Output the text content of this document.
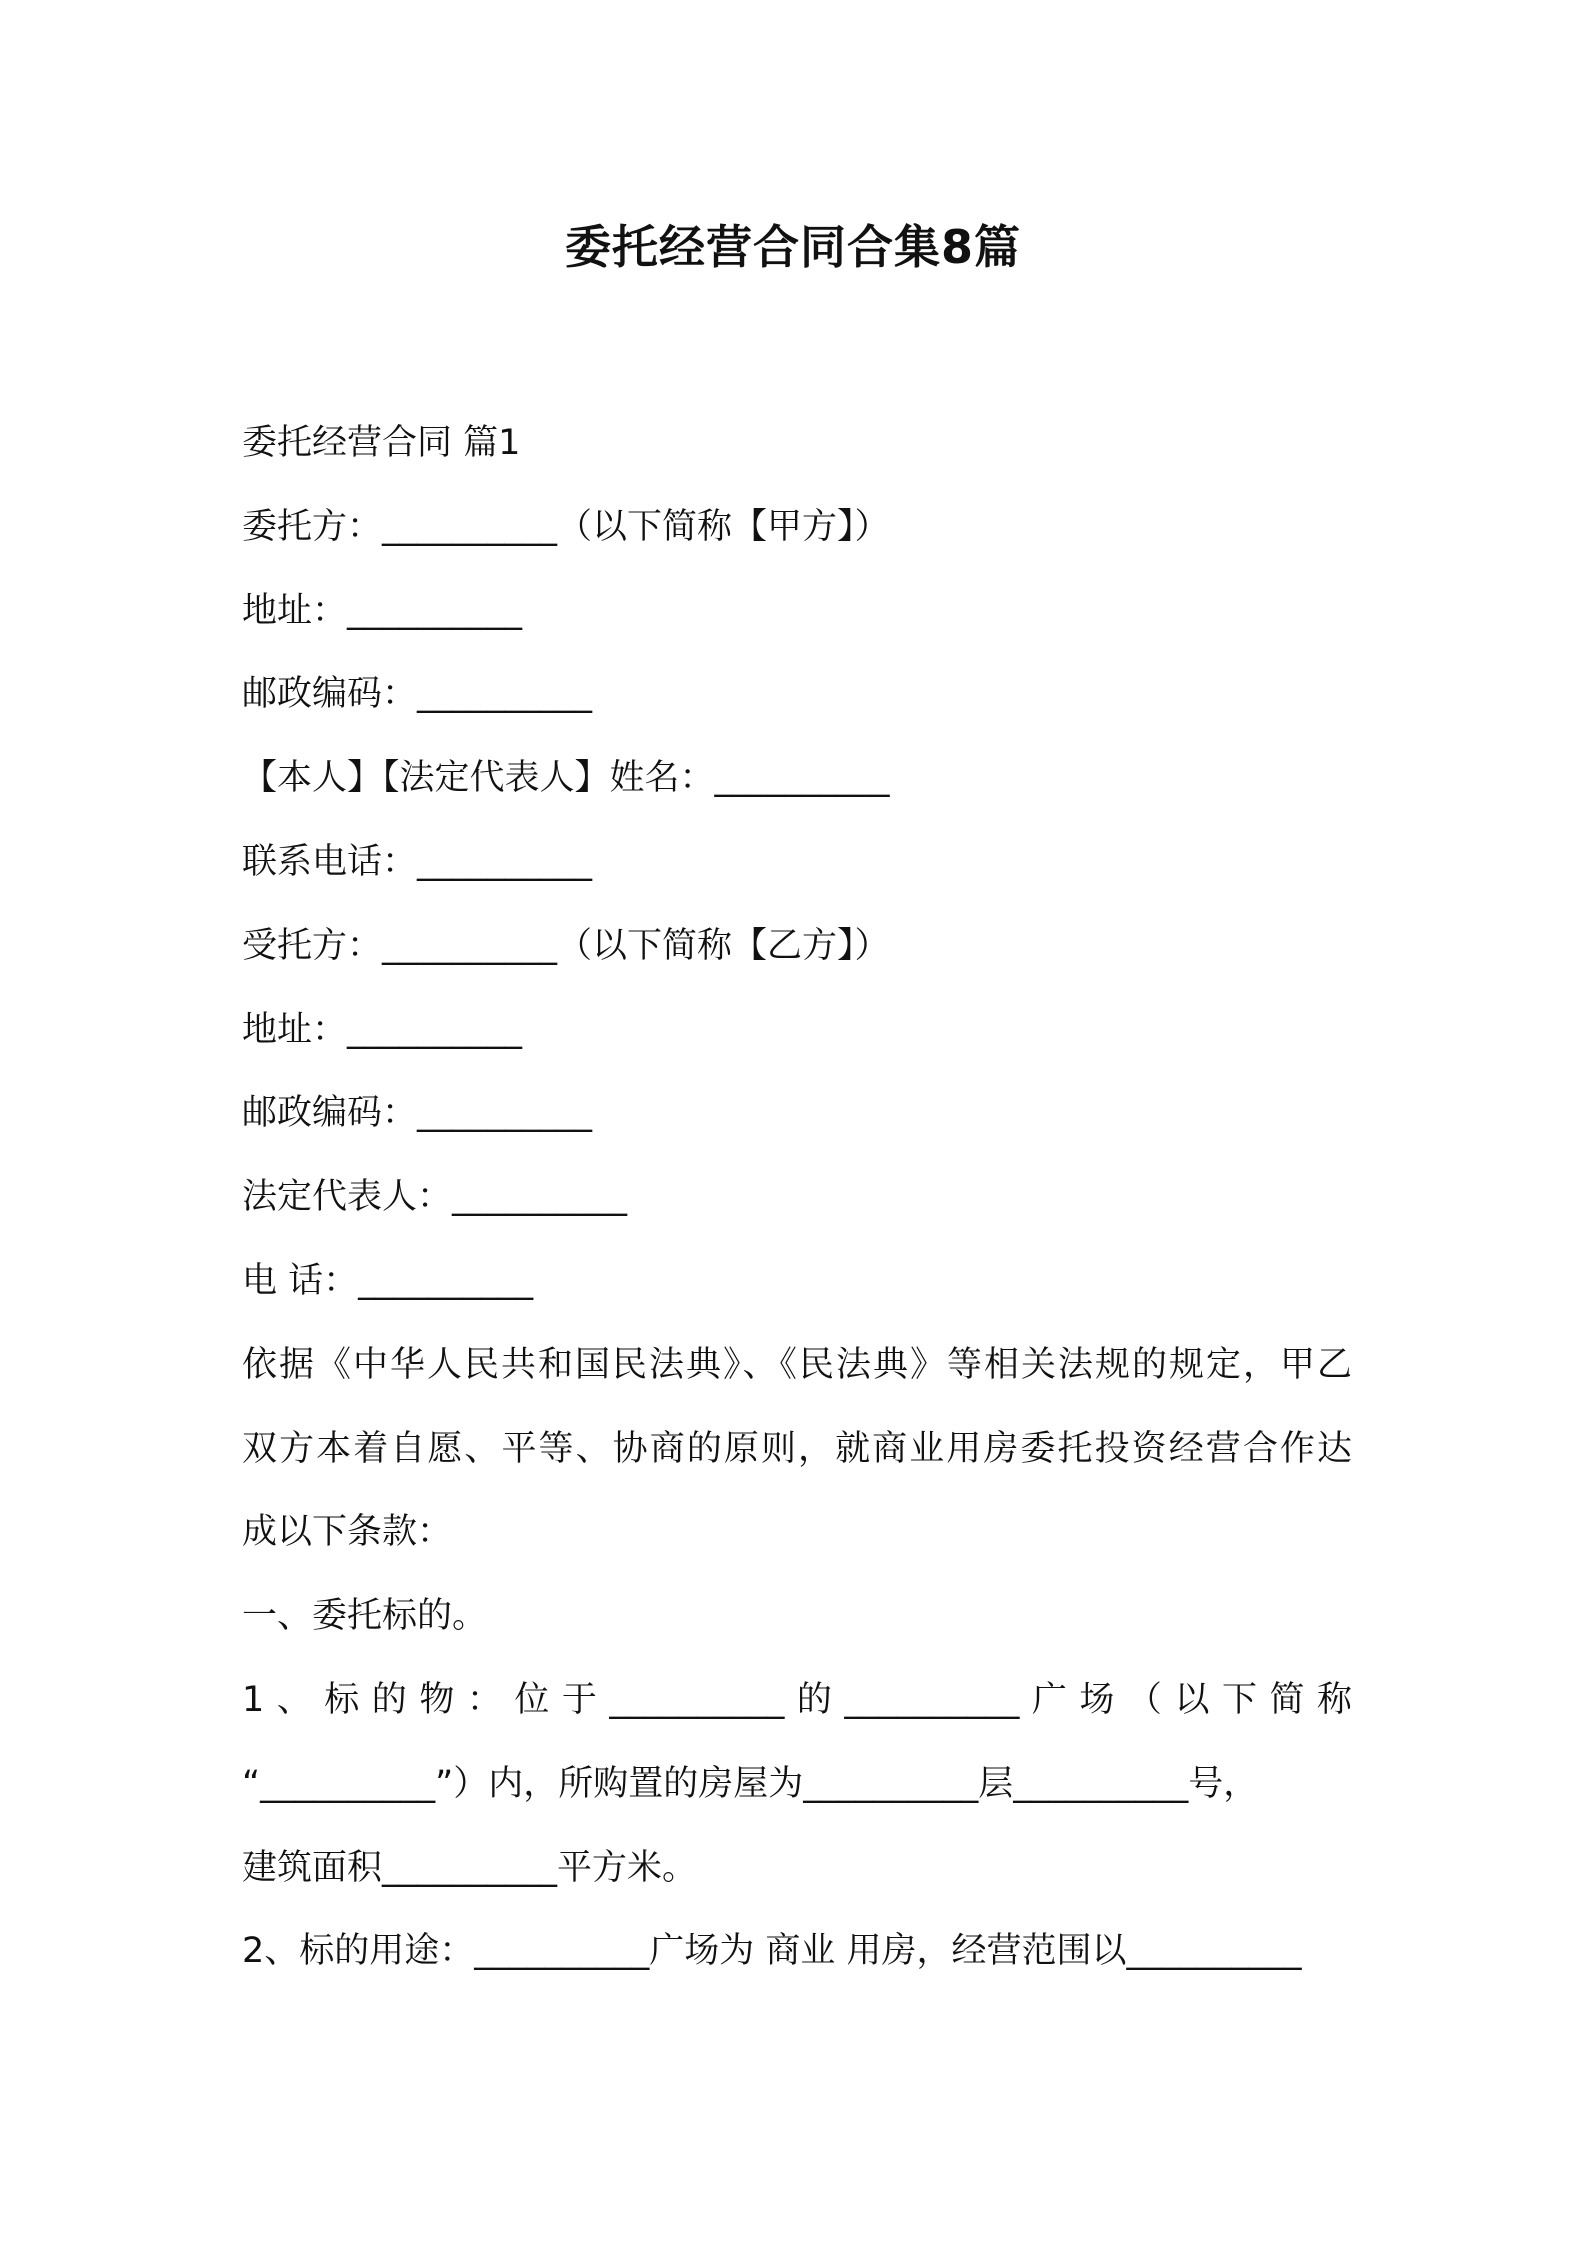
委托经营合同合集8篇

委托经营合同 篇1

委托方：__________（以下简称【甲方】）

地址：__________

邮政编码：__________

【本人】【法定代表人】姓名：__________

联系电话：__________

受托方：__________（以下简称【乙方】）

地址：__________

邮政编码：__________

法定代表人：__________

电 话：__________

依据《中华人民共和国民法典》、《民法典》等相关法规的规定，甲乙

双方本着自愿、平等、协商的原则，就商业用房委托投资经营合作达

成以下条款：

一、委托标的。

1、标的物：位于__________的__________广场（以下简称

“__________”）内，所购置的房屋为__________层__________号，

建筑面积__________平方米。

2、标的用途：__________广场为 商业 用房，经营范围以__________
